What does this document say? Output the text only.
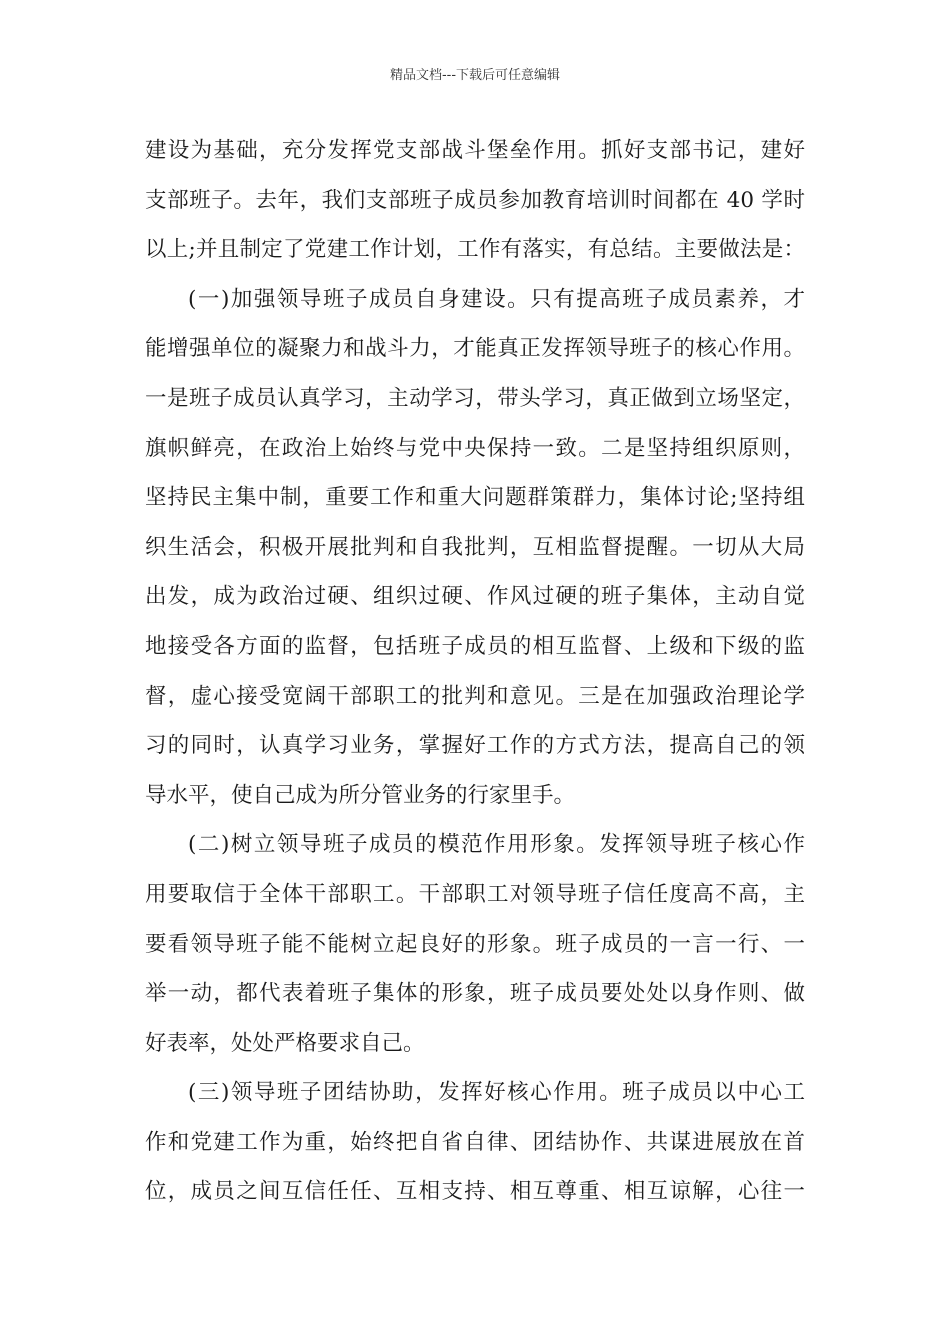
精品文档---下载后可任意编辑
建设为基础，充分发挥党支部战斗堡垒作用。抓好支部书记，建好
支部班子。去年，我们支部班子成员参加教育培训时间都在 40 学时
以上;并且制定了党建工作计划，工作有落实，有总结。主要做法是：
(一)加强领导班子成员自身建设。只有提高班子成员素养，才
能增强单位的凝聚力和战斗力，才能真正发挥领导班子的核心作用。
一是班子成员认真学习，主动学习，带头学习，真正做到立场坚定，
旗帜鲜亮，在政治上始终与党中央保持一致。二是坚持组织原则，
坚持民主集中制，重要工作和重大问题群策群力，集体讨论;坚持组
织生活会，积极开展批判和自我批判，互相监督提醒。一切从大局
出发，成为政治过硬、组织过硬、作风过硬的班子集体，主动自觉
地接受各方面的监督，包括班子成员的相互监督、上级和下级的监
督，虚心接受宽阔干部职工的批判和意见。三是在加强政治理论学
习的同时，认真学习业务，掌握好工作的方式方法，提高自己的领
导水平，使自己成为所分管业务的行家里手。
(二)树立领导班子成员的模范作用形象。发挥领导班子核心作
用要取信于全体干部职工。干部职工对领导班子信任度高不高，主
要看领导班子能不能树立起良好的形象。班子成员的一言一行、一
举一动，都代表着班子集体的形象，班子成员要处处以身作则、做
好表率，处处严格要求自己。
(三)领导班子团结协助，发挥好核心作用。班子成员以中心工
作和党建工作为重，始终把自省自律、团结协作、共谋进展放在首
位，成员之间互信任任、互相支持、相互尊重、相互谅解，心往一
